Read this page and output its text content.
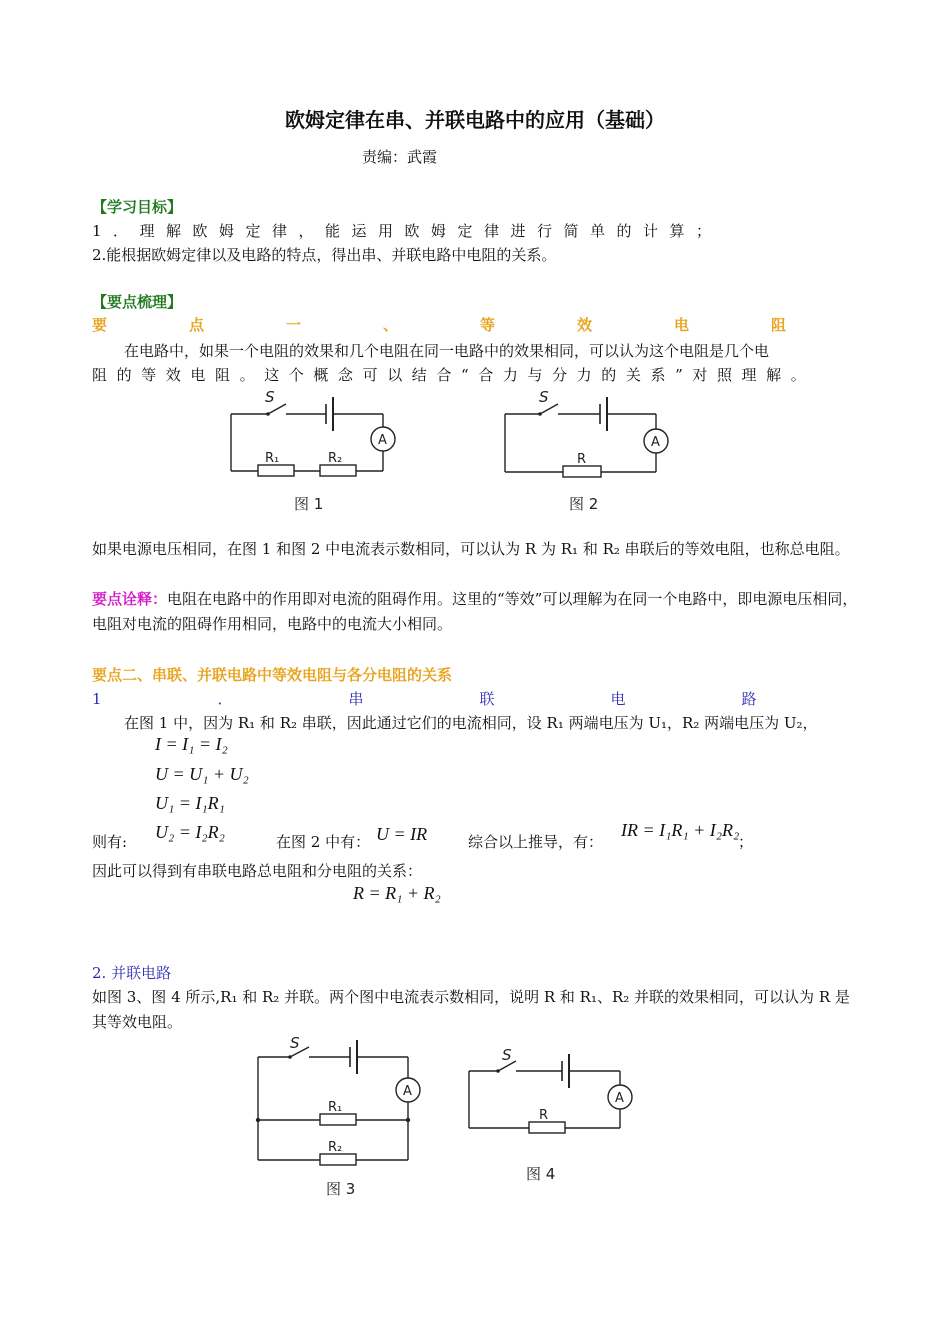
欧姆定律在串、并联电路中的应用（基础）
责编：武霞
【学习目标】
1．理解欧姆定律，能运用欧姆定律进行简单的计算；
2.能根据欧姆定律以及电路的特点，得出串、并联电路中电阻的关系。
【要点梳理】
要点一、等效电阻
在电路中，如果一个电阻的效果和几个电阻在同一电路中的效果相同，可以认为这个电阻是几个电
阻的等效电阻。这个概念可以结合“合力与分力的关系”对照理解。
S
A
R₁	R₂
图 1
S
A
R
图 2
如果电源电压相同，在图 1 和图 2 中电流表示数相同，可以认为 R 为 R₁ 和 R₂ 串联后的等效电阻，也称总电阻。
要点诠释：电阻在电路中的作用即对电流的阻碍作用。这里的“等效”可以理解为在同一个电路中，即电源电压相同，电阻对电流的阻碍作用相同，电路中的电流大小相同。
要点二、串联、并联电路中等效电阻与各分电阻的关系
1．串联电路
在图 1 中，因为 R₁ 和 R₂ 串联，因此通过它们的电流相同，设 R₁ 两端电压为 U₁，R₂ 两端电压为 U₂，
I = I₁ = I₂
U = U₁ + U₂
U₁ = I₁R₁
则有: U₂ = I₂R₂	在图 2 中有： U = IR	综合以上推导，有：
IR = I₁R₁ + I₂R₂
；
因此可以得到有串联电路总电阻和分电阻的关系：
R = R₁ + R₂
2. 并联电路
如图 3、图 4 所示,R₁ 和 R₂ 并联。两个图中电流表示数相同，说明 R 和 R₁、R₂ 并联的效果相同，可以认为 R 是其等效电阻。
S
A
R₁
R₂
图 3
S
A
R
图 4
